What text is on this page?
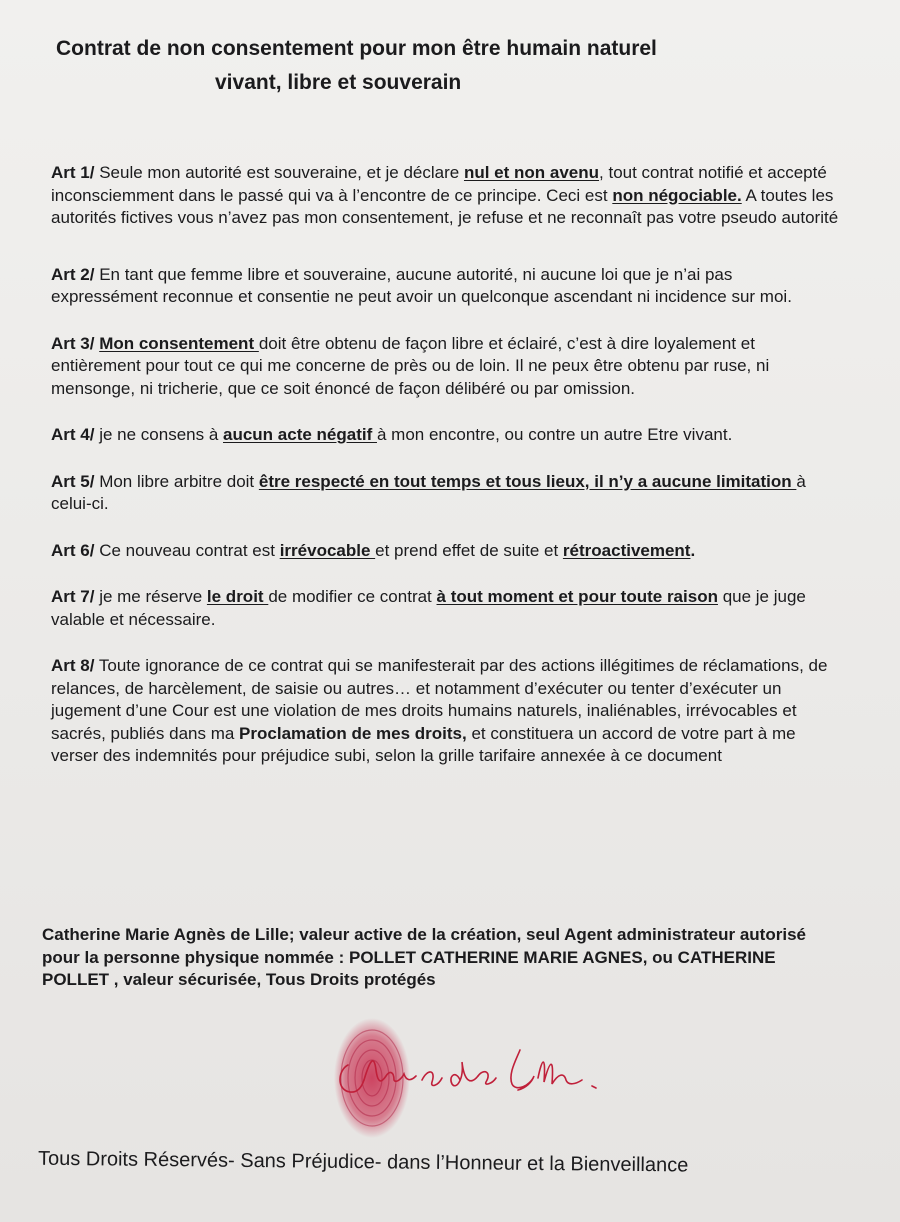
Contrat de non consentement pour mon être humain naturel
vivant, libre et souverain

Art 1/ Seule mon autorité est souveraine, et je déclare nul et non avenu, tout contrat notifié et accepté inconsciemment dans le passé qui va à l’encontre de ce principe. Ceci est non négociable. A toutes les autorités fictives vous n’avez pas mon consentement, je refuse et ne reconnaît pas votre pseudo autorité

Art 2/ En tant que femme libre et souveraine, aucune autorité, ni aucune loi que je n’ai pas expressément reconnue et consentie ne peut avoir un quelconque ascendant ni incidence sur moi.

Art 3/ Mon consentement doit être obtenu de façon libre et éclairé, c’est à dire loyalement et entièrement pour tout ce qui me concerne de près ou de loin. Il ne peux être obtenu par ruse, ni mensonge, ni tricherie, que ce soit énoncé de façon délibéré ou par omission.

Art 4/ je ne consens à aucun acte négatif à mon encontre, ou contre un autre Etre vivant.

Art 5/ Mon libre arbitre doit être respecté en tout temps et tous lieux, il n’y a aucune limitation à celui-ci.

Art 6/ Ce nouveau contrat est irrévocable et prend effet de suite et rétroactivement.

Art 7/ je me réserve le droit de modifier ce contrat à tout moment et pour toute raison que je juge valable et nécessaire.

Art 8/ Toute ignorance de ce contrat qui se manifesterait par des actions illégitimes de réclamations, de relances, de harcèlement, de saisie ou autres… et notamment d’exécuter ou tenter d’exécuter un jugement d’une Cour est une violation de mes droits humains naturels, inaliénables, irrévocables et sacrés, publiés dans ma Proclamation de mes droits, et constituera un accord de votre part à me verser des indemnités pour préjudice subi, selon la grille tarifaire annexée à ce document

Catherine Marie Agnès de Lille; valeur active de la création, seul Agent administrateur autorisé pour la personne physique nommée : POLLET CATHERINE MARIE AGNES, ou CATHERINE POLLET , valeur sécurisée, Tous Droits protégés
Tous Droits Réservés- Sans Préjudice- dans l’Honneur et la Bienveillance
